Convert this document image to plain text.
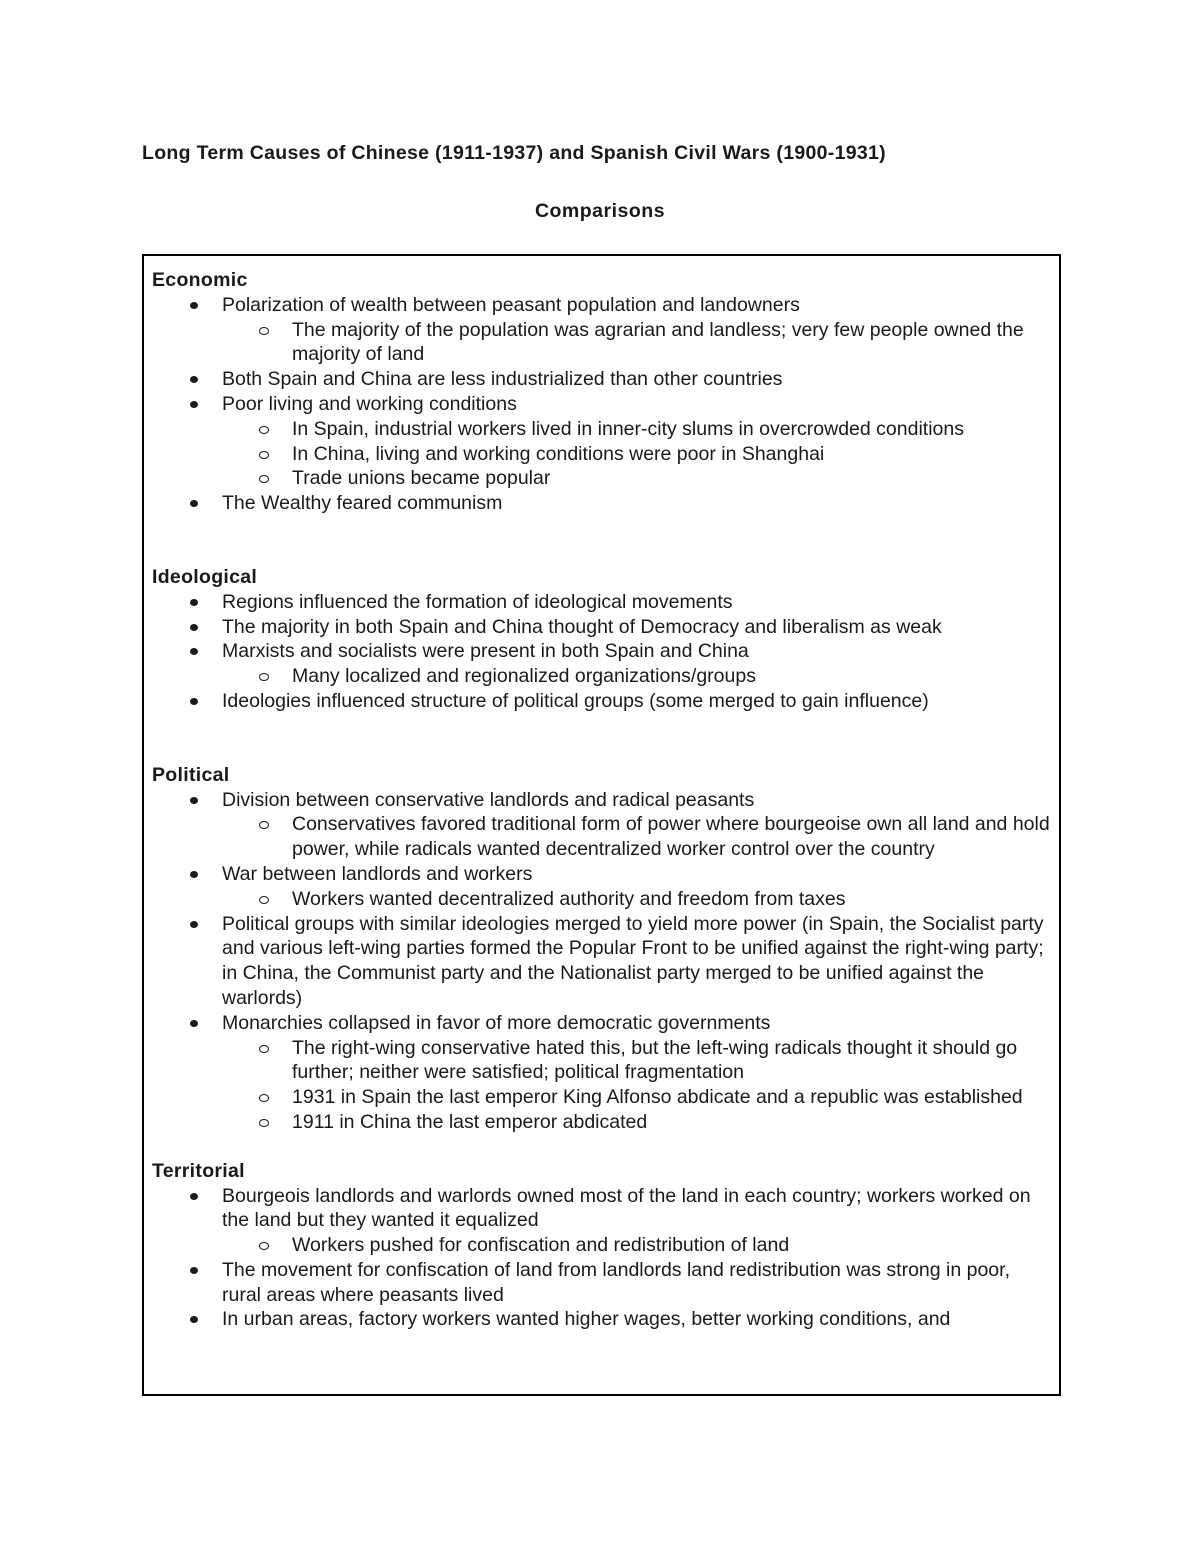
Long Term Causes of Chinese (1911-1937) and Spanish Civil Wars (1900-1931)
Comparisons
Economic
Polarization of wealth between peasant population and landowners
The majority of the population was agrarian and landless; very few people owned the majority of land
Both Spain and China are less industrialized than other countries
Poor living and working conditions
In Spain, industrial workers lived in inner-city slums in overcrowded conditions
In China, living and working conditions were poor in Shanghai
Trade unions became popular
The Wealthy feared communism
Ideological
Regions influenced the formation of ideological movements
The majority in both Spain and China thought of Democracy and liberalism as weak
Marxists and socialists were present in both Spain and China
Many localized and regionalized organizations/groups
Ideologies influenced structure of political groups (some merged to gain influence)
Political
Division between conservative landlords and radical peasants
Conservatives favored traditional form of power where bourgeoise own all land and hold power, while radicals wanted decentralized worker control over the country
War between landlords and workers
Workers wanted decentralized authority and freedom from taxes
Political groups with similar ideologies merged to yield more power (in Spain, the Socialist party and various left-wing parties formed the Popular Front to be unified against the right-wing party; in China, the Communist party and the Nationalist party merged to be unified against the warlords)
Monarchies collapsed in favor of more democratic governments
The right-wing conservative hated this, but the left-wing radicals thought it should go further; neither were satisfied; political fragmentation
1931 in Spain the last emperor King Alfonso abdicate and a republic was established
1911 in China the last emperor abdicated
Territorial
Bourgeois landlords and warlords owned most of the land in each country; workers worked on the land but they wanted it equalized
Workers pushed for confiscation and redistribution of land
The movement for confiscation of land from landlords land redistribution was strong in poor, rural areas where peasants lived
In urban areas, factory workers wanted higher wages, better working conditions, and
